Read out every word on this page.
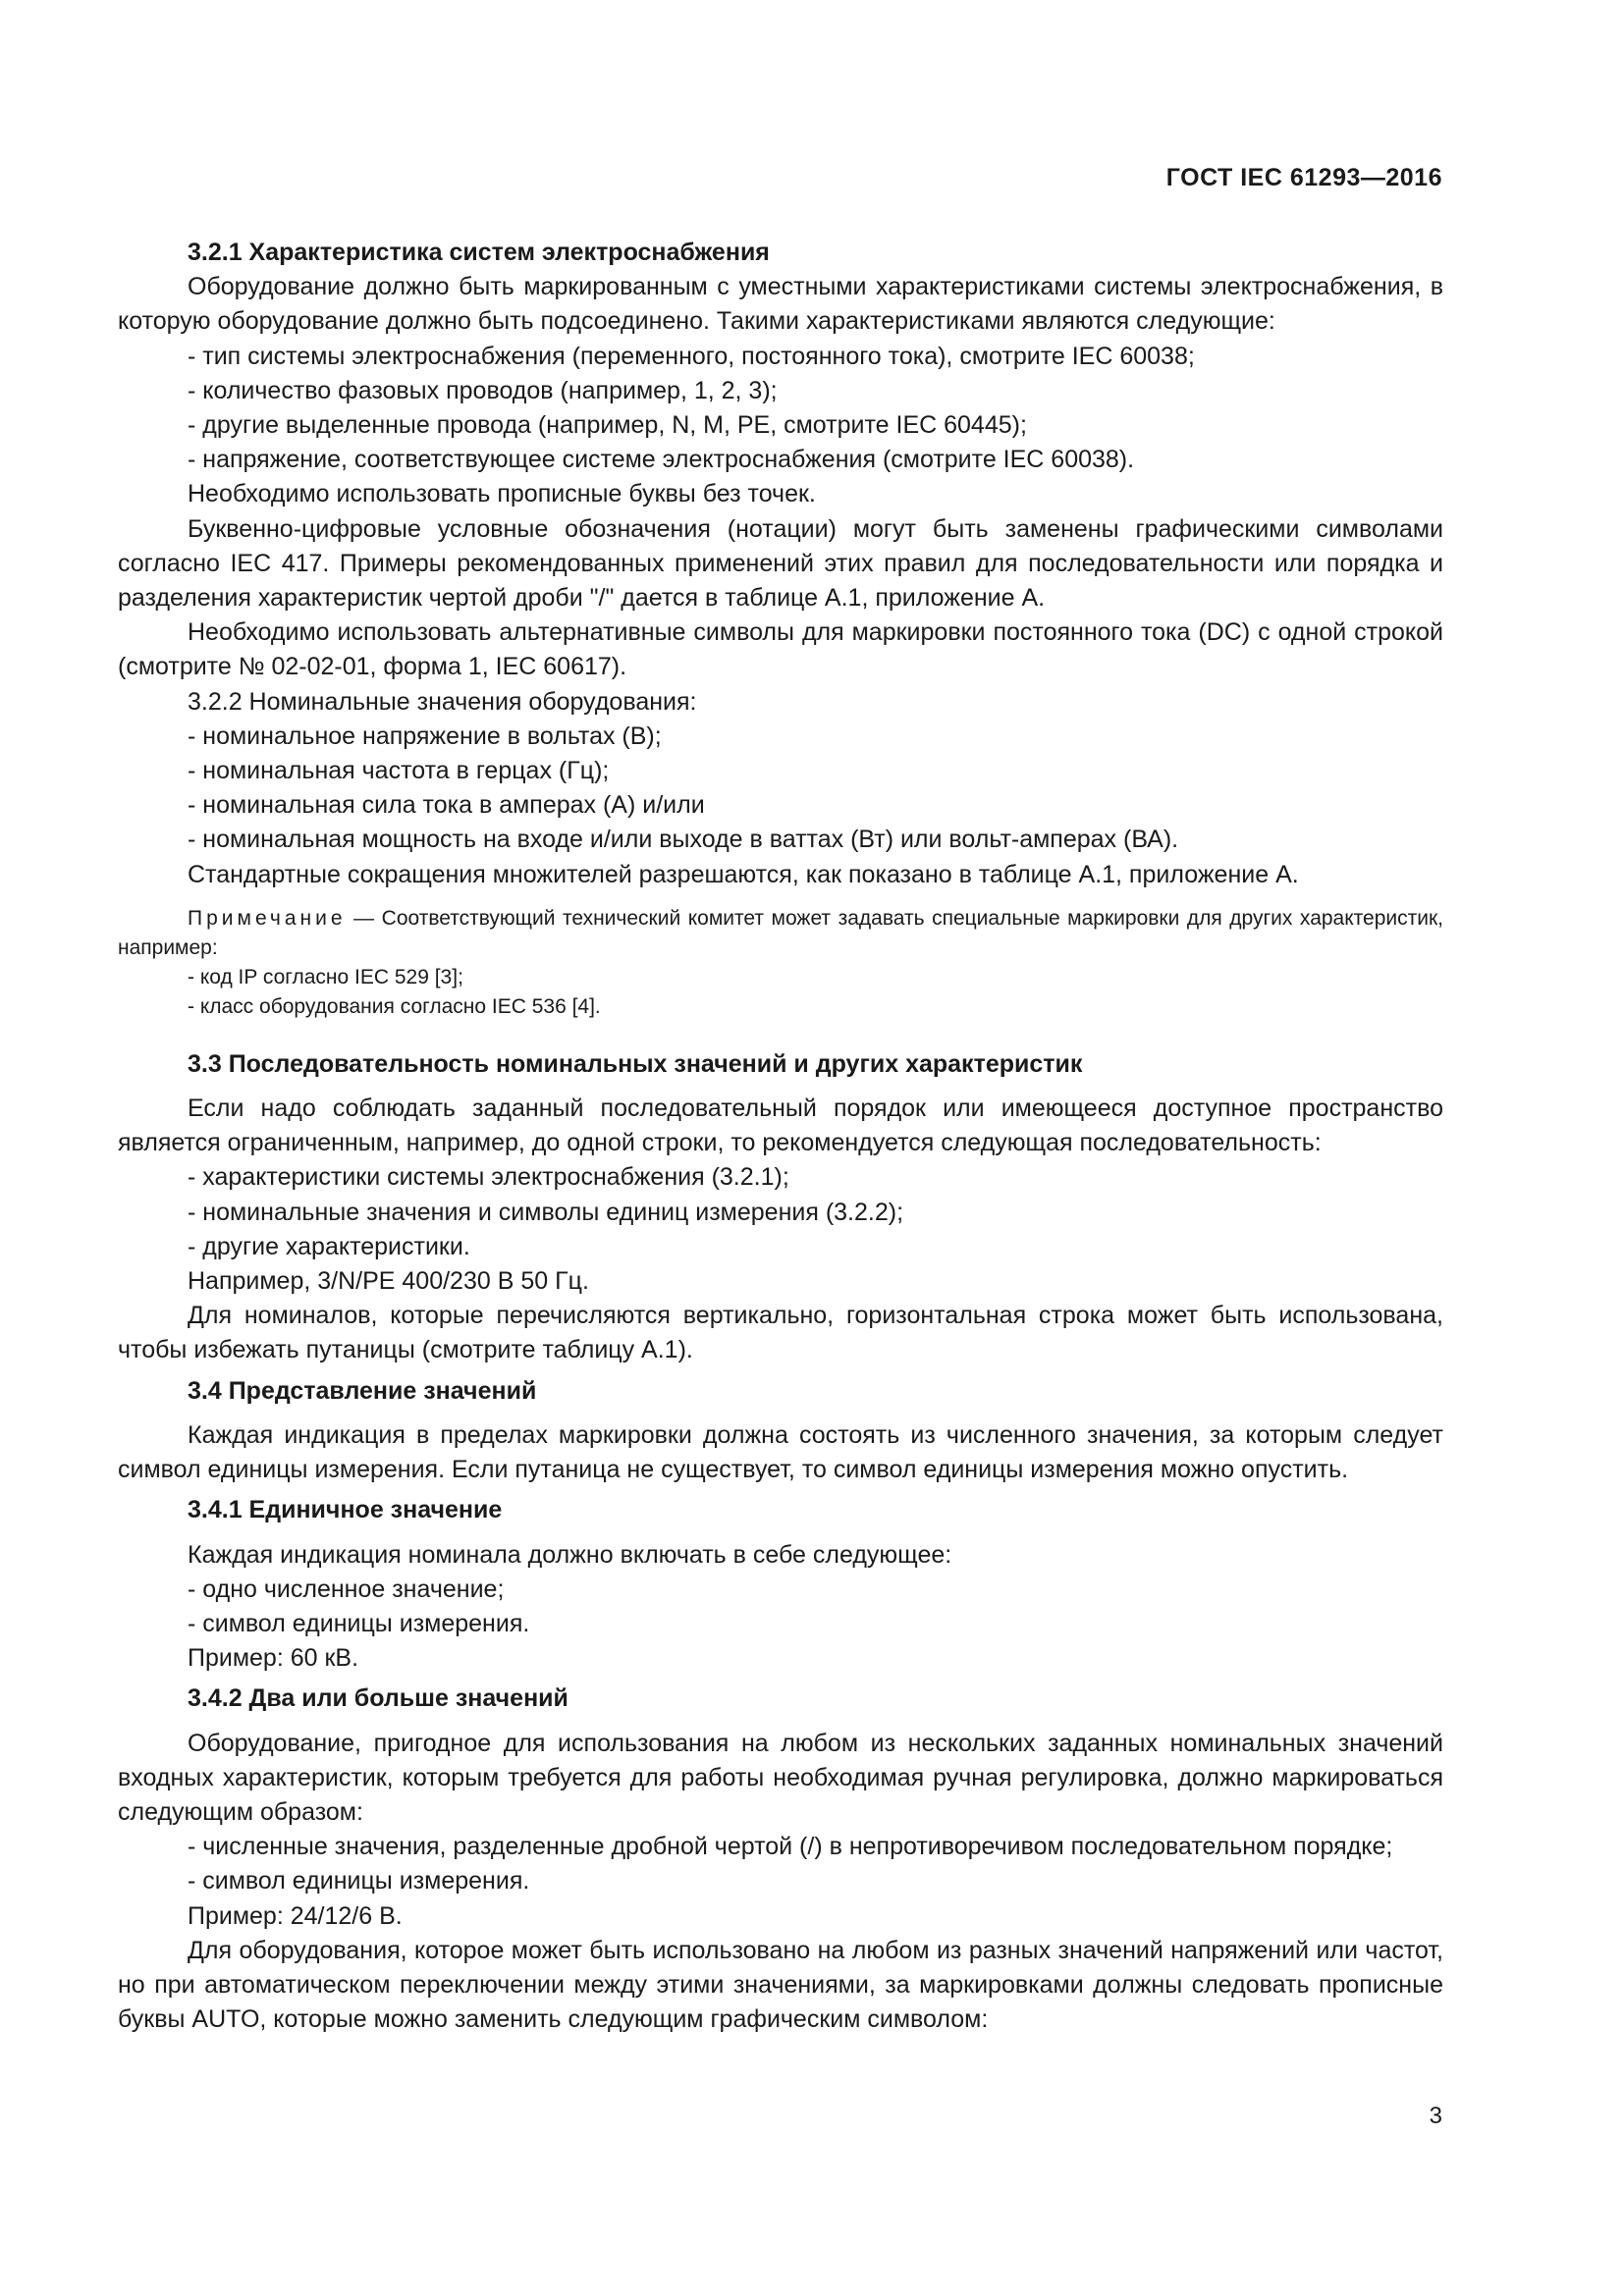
ГОСТ IEC 61293—2016
3.2.1 Характеристика систем электроснабжения
Оборудование должно быть маркированным с уместными характеристиками системы электроснабжения, в которую оборудование должно быть подсоединено. Такими характеристиками являются следующие:
- тип системы электроснабжения (переменного, постоянного тока), смотрите IEC 60038;
- количество фазовых проводов (например, 1, 2, 3);
- другие выделенные провода (например, N, M, PE, смотрите IEC 60445);
- напряжение, соответствующее системе электроснабжения (смотрите IEC 60038).
Необходимо использовать прописные буквы без точек.
Буквенно-цифровые условные обозначения (нотации) могут быть заменены графическими символами согласно IEC 417. Примеры рекомендованных применений этих правил для последовательности или порядка и разделения характеристик чертой дроби "/" дается в таблице А.1, приложение А.
Необходимо использовать альтернативные символы для маркировки постоянного тока (DC) с одной строкой (смотрите № 02-02-01, форма 1, IEC 60617).
3.2.2 Номинальные значения оборудования:
- номинальное напряжение в вольтах (В);
- номинальная частота в герцах (Гц);
- номинальная сила тока в амперах (А) и/или
- номинальная мощность на входе и/или выходе в ваттах (Вт) или вольт-амперах (ВА).
Стандартные сокращения множителей разрешаются, как показано в таблице А.1, приложение А.
Примечание — Соответствующий технический комитет может задавать специальные маркировки для других характеристик, например:
- код IP согласно IEC 529 [3];
- класс оборудования согласно IEC 536 [4].
3.3 Последовательность номинальных значений и других характеристик
Если надо соблюдать заданный последовательный порядок или имеющееся доступное пространство является ограниченным, например, до одной строки, то рекомендуется следующая последовательность:
- характеристики системы электроснабжения (3.2.1);
- номинальные значения и символы единиц измерения (3.2.2);
- другие характеристики.
Например, 3/N/PE 400/230 В 50 Гц.
Для номиналов, которые перечисляются вертикально, горизонтальная строка может быть использована, чтобы избежать путаницы (смотрите таблицу А.1).
3.4 Представление значений
Каждая индикация в пределах маркировки должна состоять из численного значения, за которым следует символ единицы измерения. Если путаница не существует, то символ единицы измерения можно опустить.
3.4.1 Единичное значение
Каждая индикация номинала должно включать в себе следующее:
- одно численное значение;
- символ единицы измерения.
Пример: 60 кВ.
3.4.2 Два или больше значений
Оборудование, пригодное для использования на любом из нескольких заданных номинальных значений входных характеристик, которым требуется для работы необходимая ручная регулировка, должно маркироваться следующим образом:
- численные значения, разделенные дробной чертой (/) в непротиворечивом последовательном порядке;
- символ единицы измерения.
Пример: 24/12/6 В.
Для оборудования, которое может быть использовано на любом из разных значений напряжений или частот, но при автоматическом переключении между этими значениями, за маркировками должны следовать прописные буквы AUTO, которые можно заменить следующим графическим символом:
3
